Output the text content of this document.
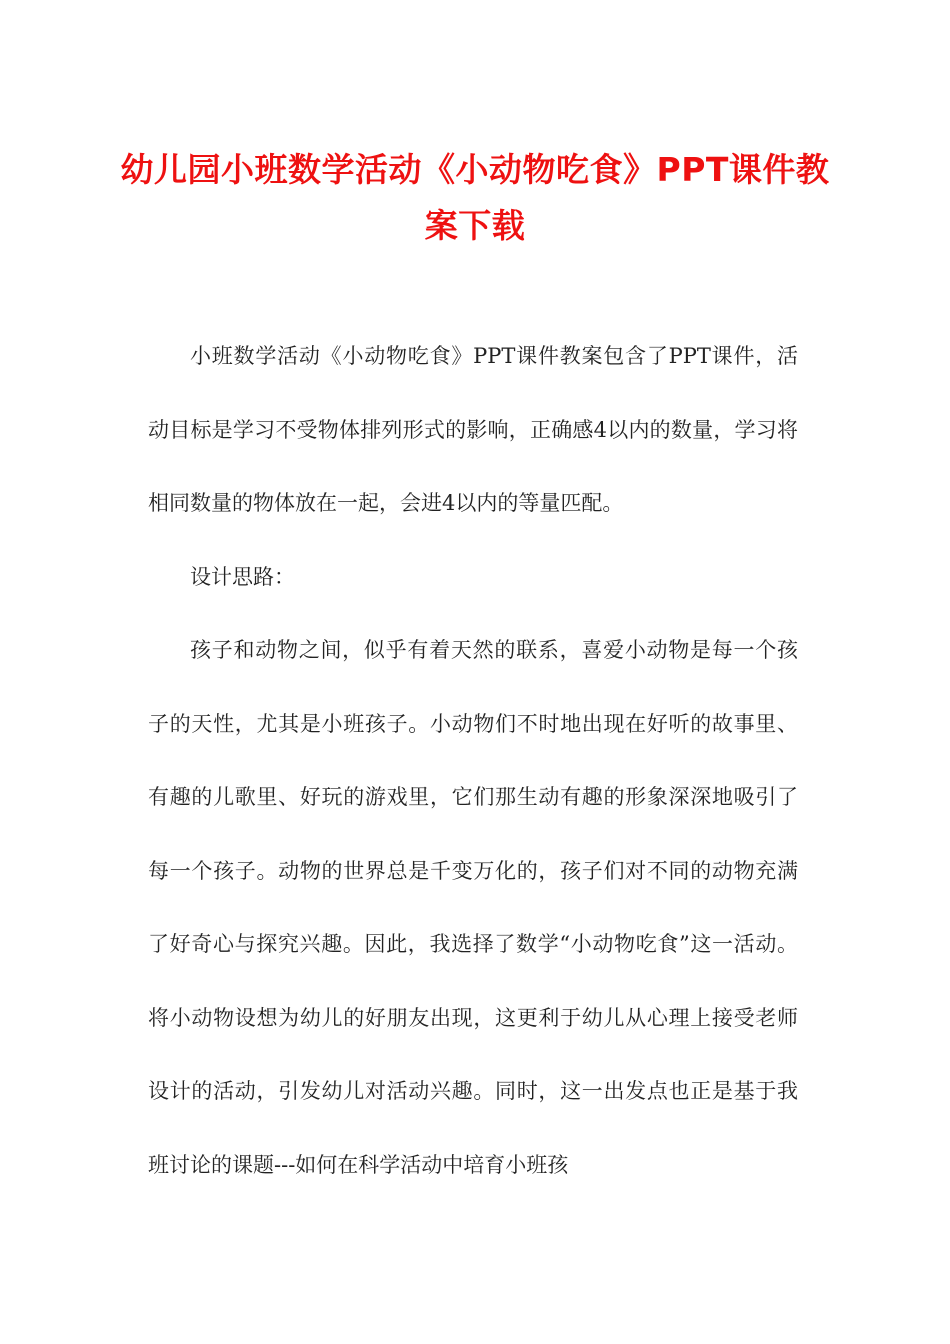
幼儿园小班数学活动《小动物吃食》PPT课件教案下载

小班数学活动《小动物吃食》PPT课件教案包含了PPT课件，活动目标是学习不受物体排列形式的影响，正确感4以内的数量，学习将相同数量的物体放在一起，会进4以内的等量匹配。

设计思路：

孩子和动物之间，似乎有着天然的联系，喜爱小动物是每一个孩子的天性，尤其是小班孩子。小动物们不时地出现在好听的故事里、有趣的儿歌里、好玩的游戏里，它们那生动有趣的形象深深地吸引了每一个孩子。动物的世界总是千变万化的，孩子们对不同的动物充满了好奇心与探究兴趣。因此，我选择了数学“小动物吃食”这一活动。将小动物设想为幼儿的好朋友出现，这更利于幼儿从心理上接受老师设计的活动，引发幼儿对活动兴趣。同时，这一出发点也正是基于我班讨论的课题---如何在科学活动中培育小班孩
